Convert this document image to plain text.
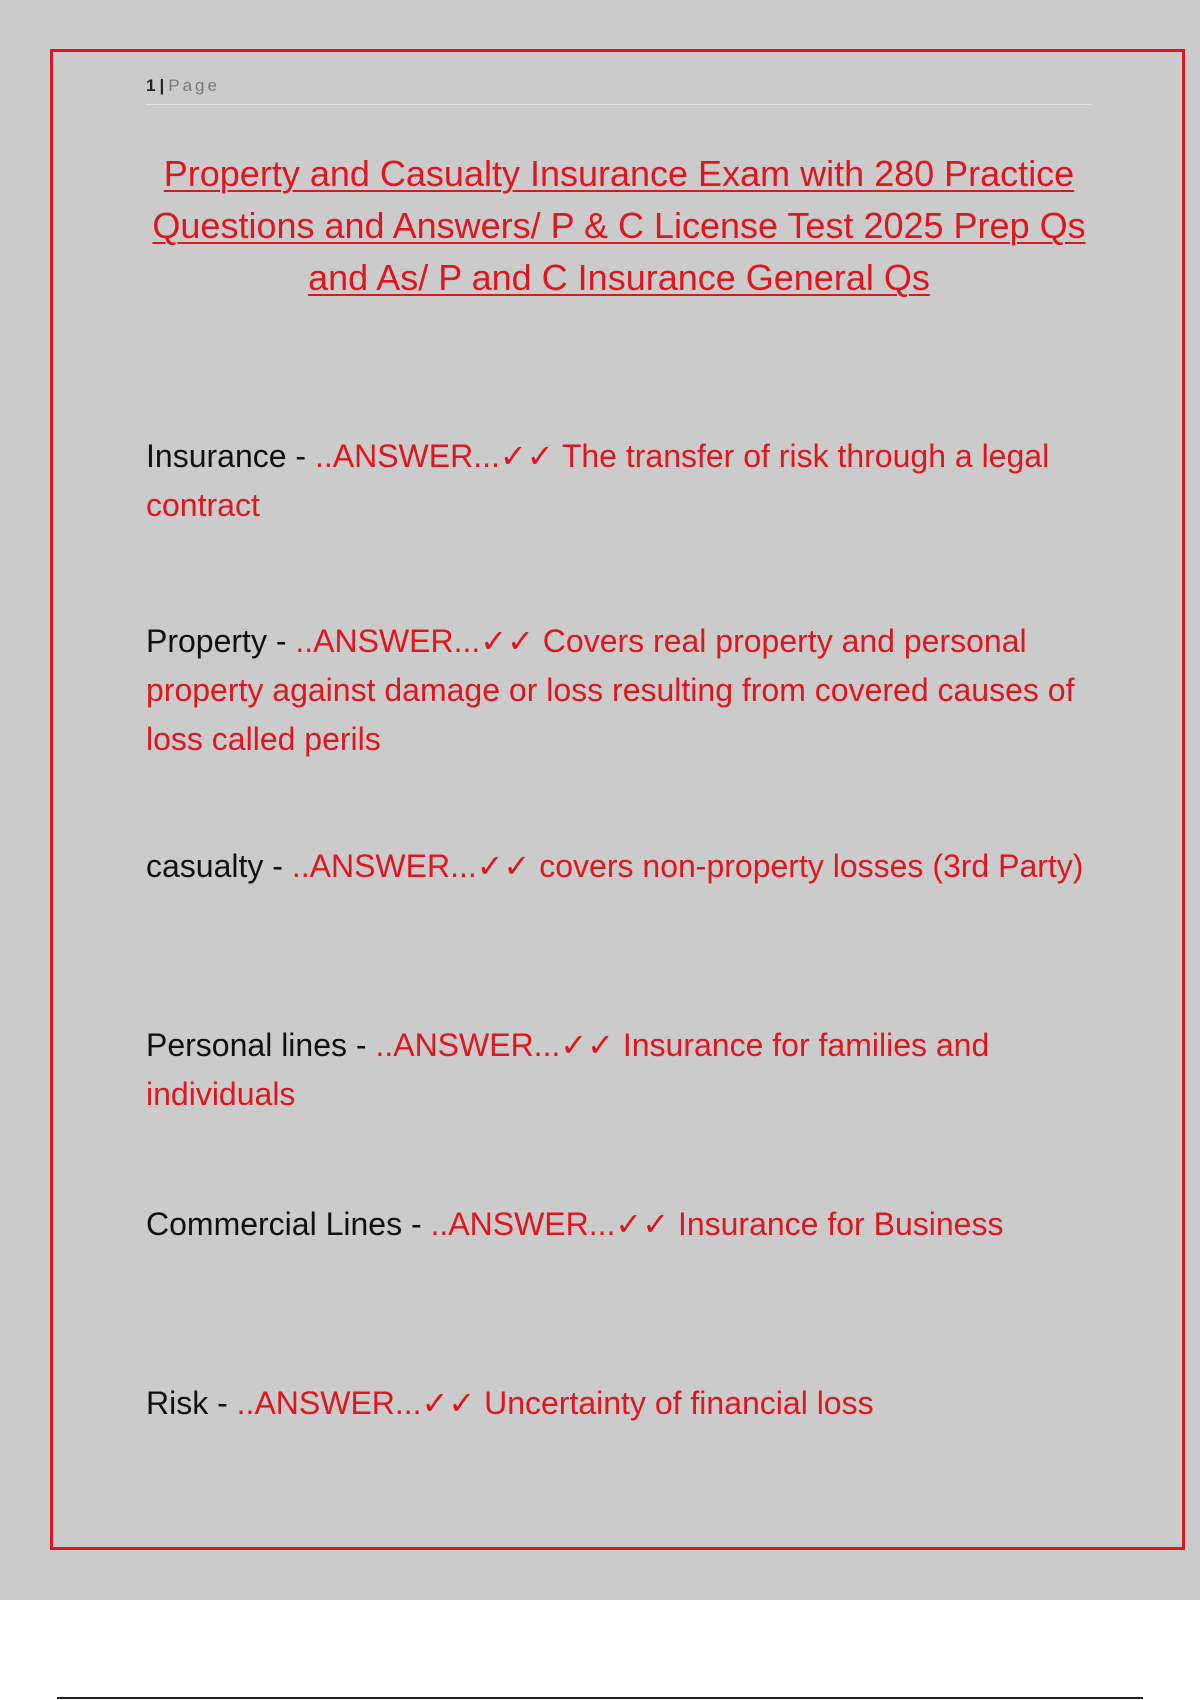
1 | Page
Property and Casualty Insurance Exam with 280 Practice Questions and Answers/ P & C License Test 2025 Prep Qs and As/ P and C Insurance General Qs
Insurance - ..ANSWER...✓✓ The transfer of risk through a legal contract
Property - ..ANSWER...✓✓ Covers real property and personal property against damage or loss resulting from covered causes of loss called perils
casualty - ..ANSWER...✓✓ covers non-property losses (3rd Party)
Personal lines - ..ANSWER...✓✓ Insurance for families and individuals
Commercial Lines - ..ANSWER...✓✓ Insurance for Business
Risk - ..ANSWER...✓✓ Uncertainty of financial loss
